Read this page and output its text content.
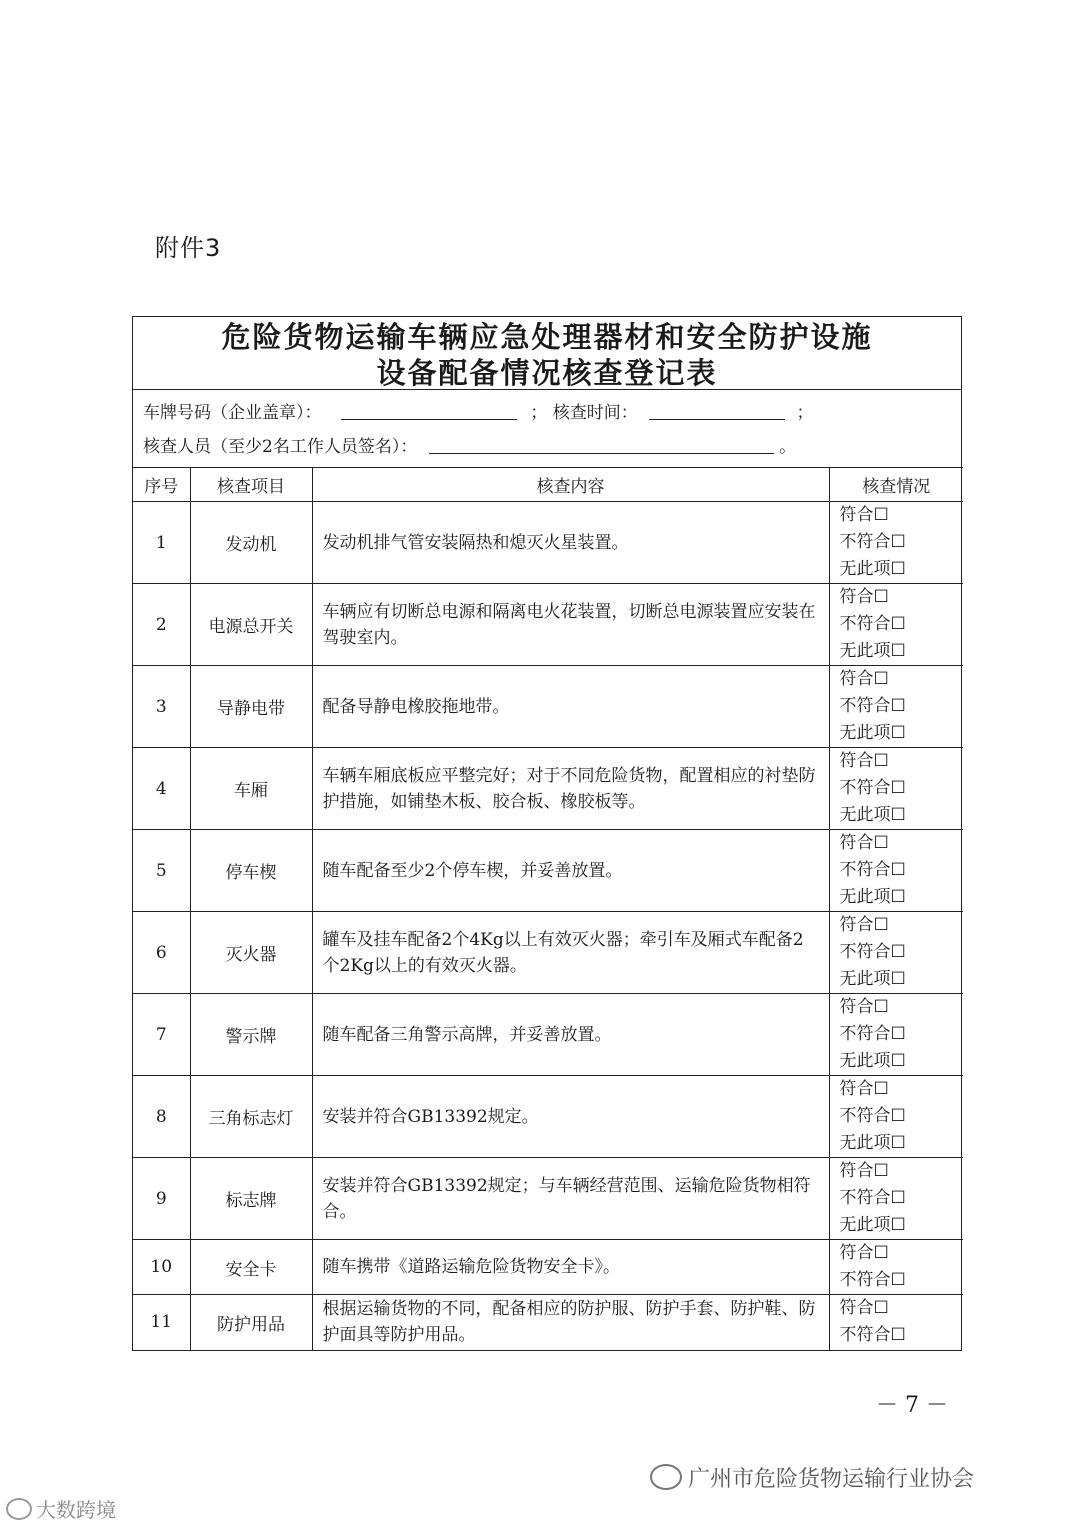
附件3
危险货物运输车辆应急处理器材和安全防护设施
设备配备情况核查登记表
车牌号码（企业盖章）：	； 核查时间：	；
核查人员（至少2名工作人员签名）：	。
序号	核查项目	核查内容	核查情况
1	发动机	发动机排气管安装隔热和熄灭火星装置。	符合☐
不符合☐
无此项☐

2	电源总开关	车辆应有切断总电源和隔离电火花装置，切断总电源装置应安装在驾驶室内。	符合☐
不符合☐
无此项☐

3	导静电带	配备导静电橡胶拖地带。	符合☐
不符合☐
无此项☐

4	车厢	车辆车厢底板应平整完好；对于不同危险货物，配置相应的衬垫防护措施，如铺垫木板、胶合板、橡胶板等。	符合☐
不符合☐
无此项☐

5	停车楔	随车配备至少2个停车楔，并妥善放置。	符合☐
不符合☐
无此项☐

6	灭火器	罐车及挂车配备2个4Kg以上有效灭火器；牵引车及厢式车配备2个2Kg以上的有效灭火器。	符合☐
不符合☐
无此项☐

7	警示牌	随车配备三角警示高牌，并妥善放置。	符合☐
不符合☐
无此项☐

8	三角标志灯	安装并符合GB13392规定。	符合☐
不符合☐
无此项☐

9	标志牌	安装并符合GB13392规定；与车辆经营范围、运输危险货物相符合。	符合☐
不符合☐
无此项☐

10	安全卡	随车携带《道路运输危险货物安全卡》。	符合☐
不符合☐

11	防护用品	根据运输货物的不同，配备相应的防护服、防护手套、防护鞋、防护面具等防护用品。	符合☐
不符合☐
－ 7 －
广州市危险货物运输行业协会
大数跨境
